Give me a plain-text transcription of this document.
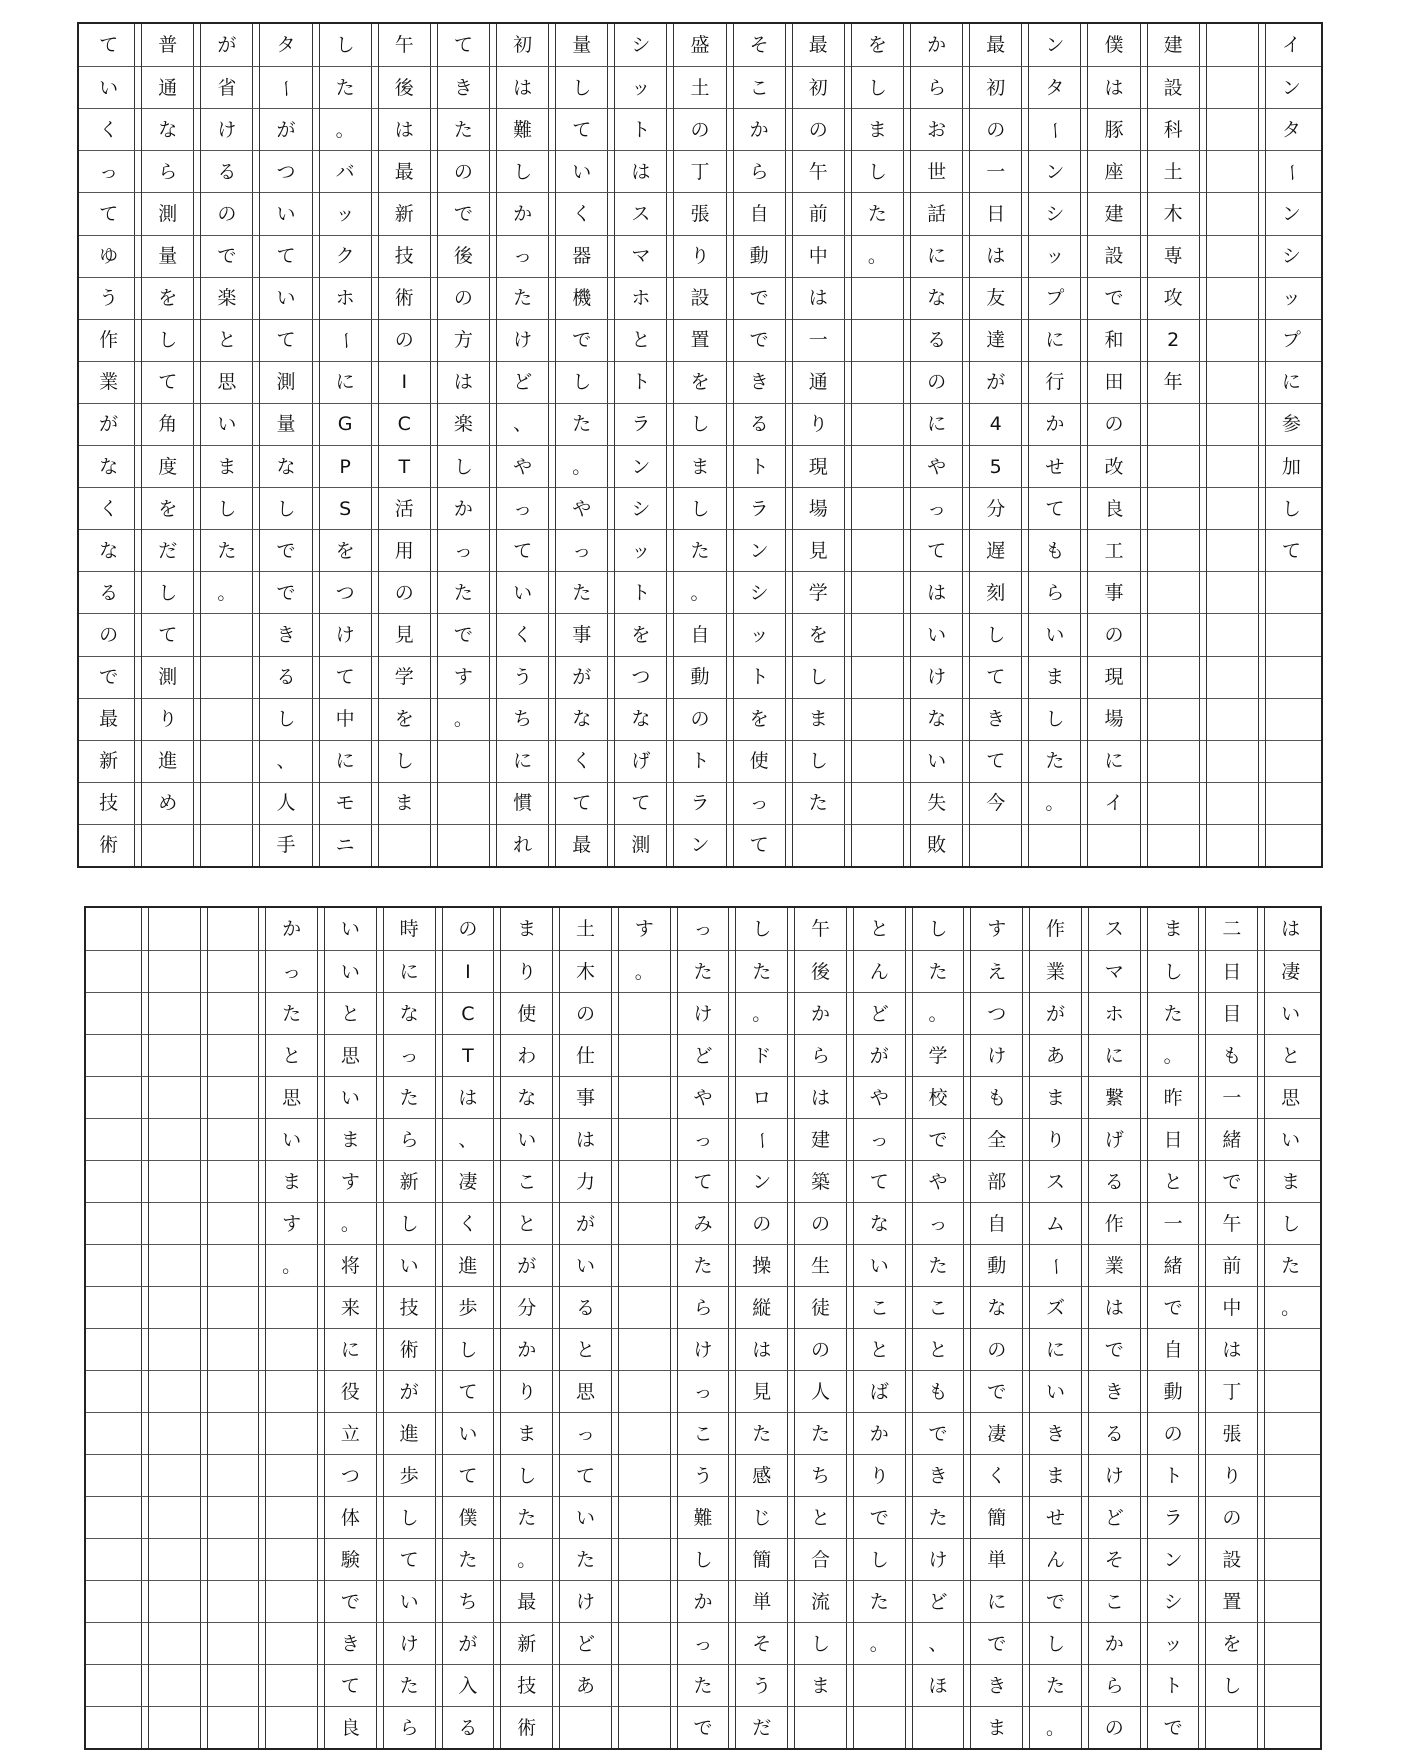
イ
ン
タ
ー
ン
シ
ッ
プ
に
参
加
し
て
建
設
科
土
木
専
攻
2
年
僕
は
豚
座
建
設
で
和
田
の
改
良
工
事
の
現
場
に
イ
ン
タ
ー
ン
シ
ッ
プ
に
行
か
せ
て
も
ら
い
ま
し
た
。
最
初
の
一
日
は
友
達
が
4
5
分
遅
刻
し
て
き
て
今
か
ら
お
世
話
に
な
る
の
に
や
っ
て
は
い
け
な
い
失
敗
を
し
ま
し
た
。
最
初
の
午
前
中
は
一
通
り
現
場
見
学
を
し
ま
し
た
そ
こ
か
ら
自
動
で
で
き
る
ト
ラ
ン
シ
ッ
ト
を
使
っ
て
盛
土
の
丁
張
り
設
置
を
し
ま
し
た
。
自
動
の
ト
ラ
ン
シ
ッ
ト
は
ス
マ
ホ
と
ト
ラ
ン
シ
ッ
ト
を
つ
な
げ
て
測
量
し
て
い
く
器
機
で
し
た
。
や
っ
た
事
が
な
く
て
最
初
は
難
し
か
っ
た
け
ど
、
や
っ
て
い
く
う
ち
に
慣
れ
て
き
た
の
で
後
の
方
は
楽
し
か
っ
た
で
す
。
午
後
は
最
新
技
術
の
I
C
T
活
用
の
見
学
を
し
ま
し
た
。
バ
ッ
ク
ホ
ー
に
G
P
S
を
つ
け
て
中
に
モ
ニ
タ
ー
が
つ
い
て
い
て
測
量
な
し
で
で
き
る
し
、
人
手
が
省
け
る
の
で
楽
と
思
い
ま
し
た
。
普
通
な
ら
測
量
を
し
て
角
度
を
だ
し
て
測
り
進
め
て
い
く
っ
て
ゆ
う
作
業
が
な
く
な
る
の
で
最
新
技
術
は
凄
い
と
思
い
ま
し
た
。
二
日
目
も
一
緒
で
午
前
中
は
丁
張
り
の
設
置
を
し
ま
し
た
。
昨
日
と
一
緒
で
自
動
の
ト
ラ
ン
シ
ッ
ト
で
ス
マ
ホ
に
繋
げ
る
作
業
は
で
き
る
け
ど
そ
こ
か
ら
の
作
業
が
あ
ま
り
ス
ム
ー
ズ
に
い
き
ま
せ
ん
で
し
た
。
す
え
つ
け
も
全
部
自
動
な
の
で
凄
く
簡
単
に
で
き
ま
し
た
。
学
校
で
や
っ
た
こ
と
も
で
き
た
け
ど
、
ほ
と
ん
ど
が
や
っ
て
な
い
こ
と
ば
か
り
で
し
た
。
午
後
か
ら
は
建
築
の
生
徒
の
人
た
ち
と
合
流
し
ま
し
た
。
ド
ロ
ー
ン
の
操
縦
は
見
た
感
じ
簡
単
そ
う
だ
っ
た
け
ど
や
っ
て
み
た
ら
け
っ
こ
う
難
し
か
っ
た
で
す
。
土
木
の
仕
事
は
力
が
い
る
と
思
っ
て
い
た
け
ど
あ
ま
り
使
わ
な
い
こ
と
が
分
か
り
ま
し
た
。
最
新
技
術
の
I
C
T
は
、
凄
く
進
歩
し
て
い
て
僕
た
ち
が
入
る
時
に
な
っ
た
ら
新
し
い
技
術
が
進
歩
し
て
い
け
た
ら
い
い
と
思
い
ま
す
。
将
来
に
役
立
つ
体
験
で
き
て
良
か
っ
た
と
思
い
ま
す
。
